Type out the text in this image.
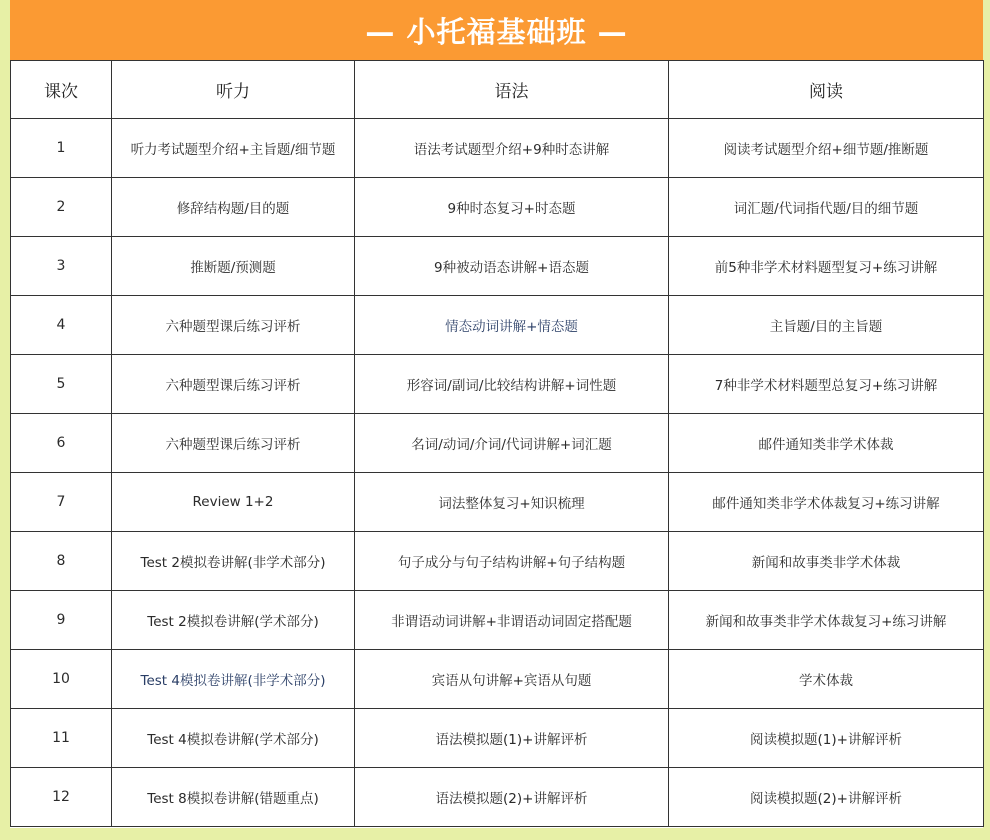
— 小托福基础班 —
课次	听力	语法	阅读
1	听力考试题型介绍+主旨题/细节题	语法考试题型介绍+9种时态讲解	阅读考试题型介绍+细节题/推断题
2	修辞结构题/目的题	9种时态复习+时态题	词汇题/代词指代题/目的细节题
3	推断题/预测题	9种被动语态讲解+语态题	前5种非学术材料题型复习+练习讲解
4	六种题型课后练习评析	情态动词讲解+情态题	主旨题/目的主旨题
5	六种题型课后练习评析	形容词/副词/比较结构讲解+词性题	7种非学术材料题型总复习+练习讲解
6	六种题型课后练习评析	名词/动词/介词/代词讲解+词汇题	邮件通知类非学术体裁
7	Review 1+2	词法整体复习+知识梳理	邮件通知类非学术体裁复习+练习讲解
8	Test 2模拟卷讲解(非学术部分)	句子成分与句子结构讲解+句子结构题	新闻和故事类非学术体裁
9	Test 2模拟卷讲解(学术部分)	非谓语动词讲解+非谓语动词固定搭配题	新闻和故事类非学术体裁复习+练习讲解
10	Test 4模拟卷讲解(非学术部分)	宾语从句讲解+宾语从句题	学术体裁
11	Test 4模拟卷讲解(学术部分)	语法模拟题(1)+讲解评析	阅读模拟题(1)+讲解评析
12	Test 8模拟卷讲解(错题重点)	语法模拟题(2)+讲解评析	阅读模拟题(2)+讲解评析
